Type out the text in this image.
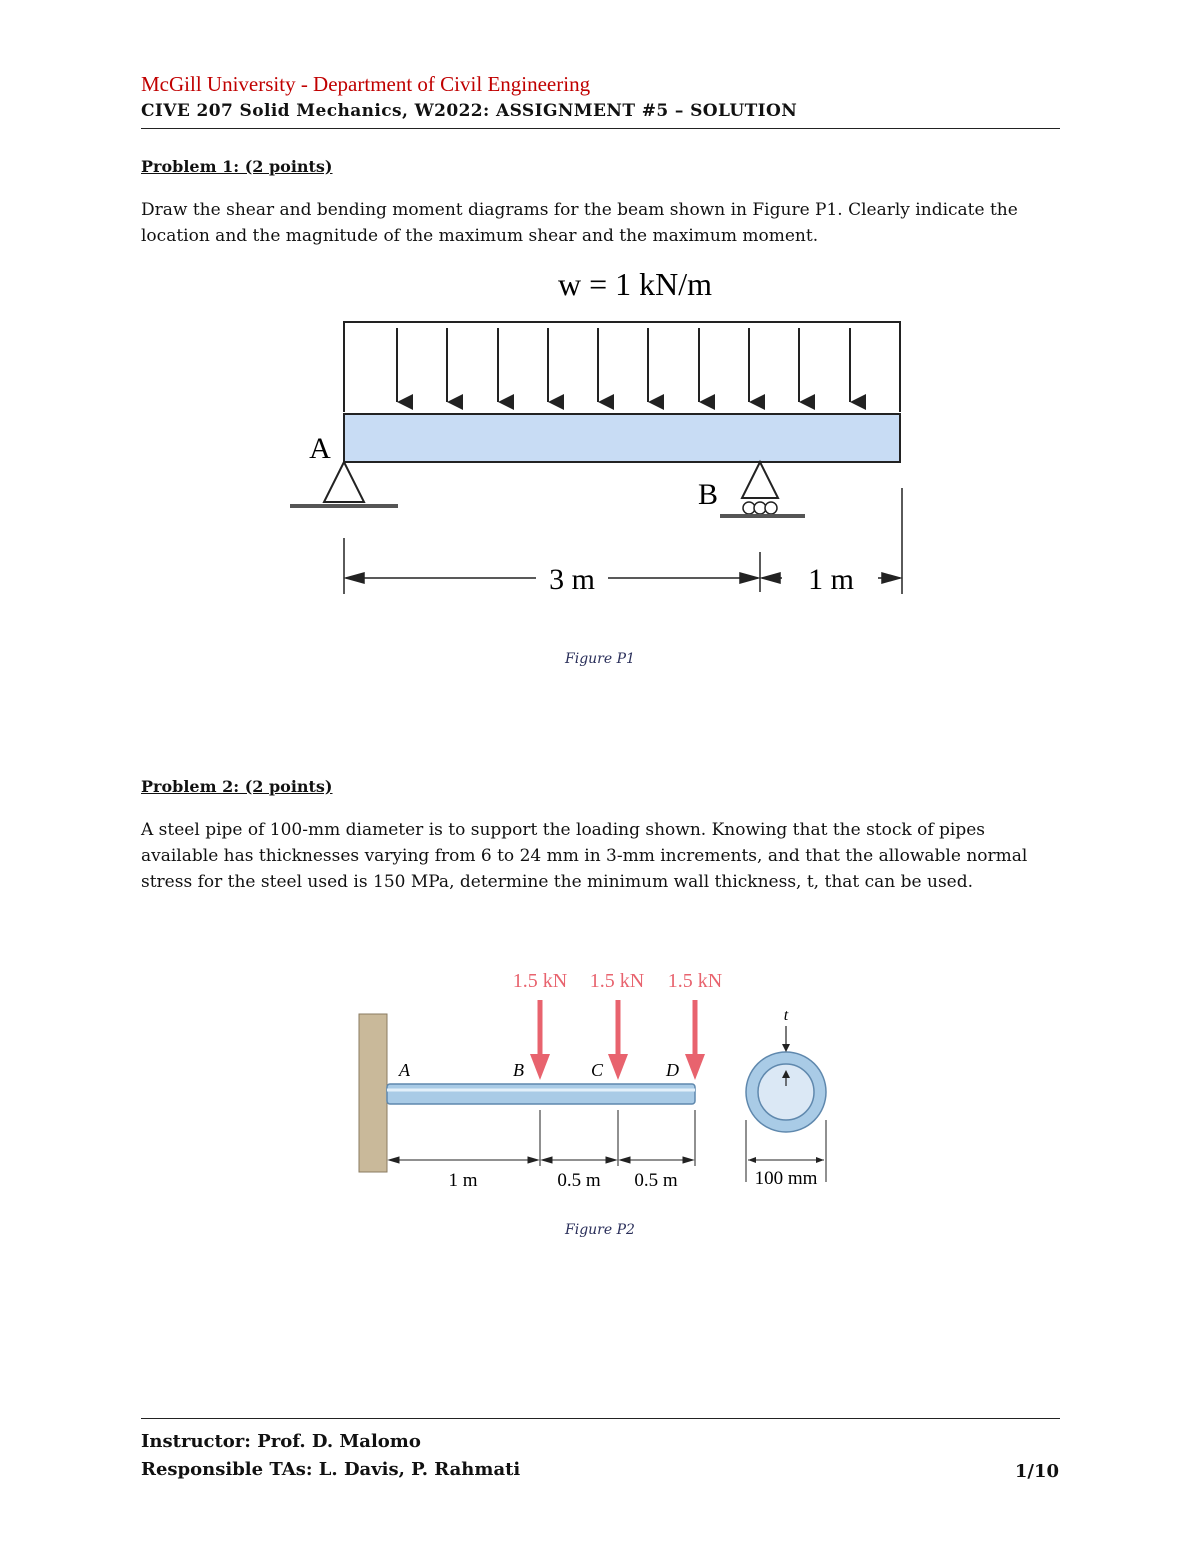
McGill University - Department of Civil Engineering
CIVE 207 Solid Mechanics, W2022: ASSIGNMENT #5 – SOLUTION
Problem 1: (2 points)
Draw the shear and bending moment diagrams for the beam shown in Figure P1. Clearly indicate the location and the magnitude of the maximum shear and the maximum moment.
w = 1 kN/m
A
B
3 m	1 m
Figure P1
Problem 2: (2 points)
A steel pipe of 100-mm diameter is to support the loading shown. Knowing that the stock of pipes available has thicknesses varying from 6 to 24 mm in 3-mm increments, and that the allowable normal stress for the steel used is 150 MPa, determine the minimum wall thickness, t, that can be used.
1.5 kN 1.5 kN 1.5 kN
A	B	C	D
1 m	0.5 m 0.5 m
t
100 mm
Figure P2
Instructor: Prof. D. Malomo
Responsible TAs: L. Davis, P. Rahmati	1/10
